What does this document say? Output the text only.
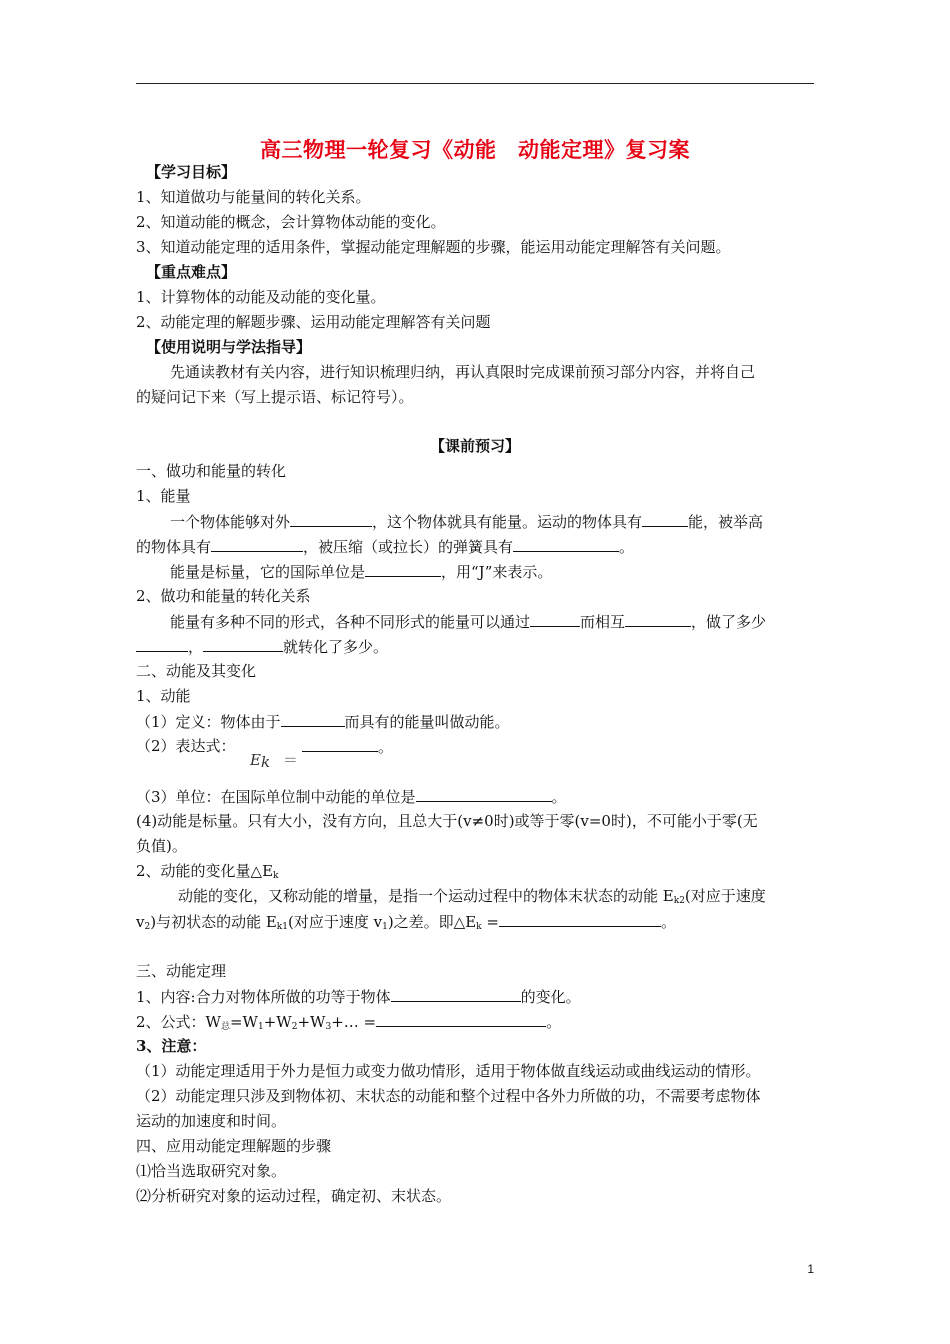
高三物理一轮复习《动能　动能定理》复习案
【学习目标】
1、知道做功与能量间的转化关系。
2、知道动能的概念，会计算物体动能的变化。
3、知道动能定理的适用条件，掌握动能定理解题的步骤，能运用动能定理解答有关问题。
【重点难点】
1、计算物体的动能及动能的变化量。
2、动能定理的解题步骤、运用动能定理解答有关问题
【使用说明与学法指导】
先通读教材有关内容，进行知识梳理归纳，再认真限时完成课前预习部分内容，并将自己
的疑问记下来（写上提示语、标记符号）。
【课前预习】
一、做功和能量的转化
1、能量
一个物体能够对外	，这个物体就具有能量。运动的物体具有	能，被举高
的物体具有	，被压缩（或拉长）的弹簧具有	。
能量是标量，它的国际单位是	，用“J”来表示。
2、做功和能量的转化关系
能量有多种不同的形式，各种不同形式的能量可以通过	而相互	，做了多少
，	就转化了多少。
二、动能及其变化
1、动能
（1）定义：物体由于	而具有的能量叫做动能。
（2）表达式：
Ek ＝
。
（3）单位：在国际单位制中动能的单位是	。
(4)动能是标量。只有大小，没有方向，且总大于(v≠0时)或等于零(v=0时)，不可能小于零(无
负值)。
2、动能的变化量$\triangle E_k$
动能的变化，又称动能的增量，是指一个运动过程中的物体末状态的动能 $E_{k2}$(对应于速度
$v_2$)与初状态的动能 $E_{k1}$(对应于速度 $v_1$)之差。即$\triangle E_k$ =	。
三、动能定理
1、内容:合力对物体所做的功等于物体	的变化。
2、公式：$W_总=W_1+W_2+W_3+\dots$ =	。
3、注意：
（1）动能定理适用于外力是恒力或变力做功情形，适用于物体做直线运动或曲线运动的情形。
（2）动能定理只涉及到物体初、末状态的动能和整个过程中各外力所做的功，不需要考虑物体
运动的加速度和时间。
四、应用动能定理解题的步骤
⑴恰当选取研究对象。
⑵分析研究对象的运动过程，确定初、末状态。
1
